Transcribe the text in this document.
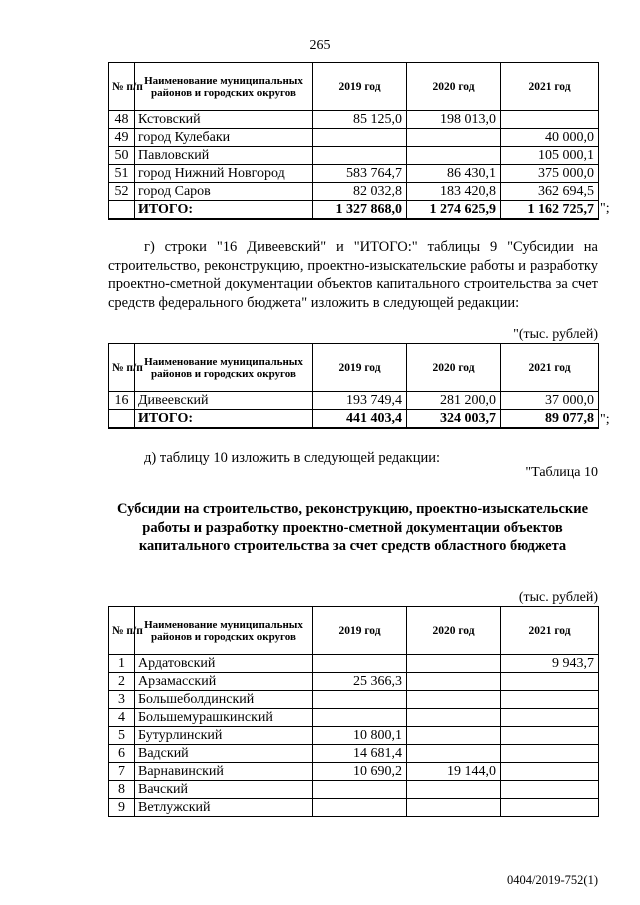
265
№ п/п	Наименование муниципальных районов и городских округов	2019 год	2020 год	2021 год
48	Кстовский	85 125,0	198 013,0	
49	город Кулебаки			40 000,0
50	Павловский			105 000,1
51	город Нижний Новгород	583 764,7	86 430,1	375 000,0
52	город Саров	82 032,8	183 420,8	362 694,5
	ИТОГО:	1 327 868,0	1 274 625,9	1 162 725,7 ";
г) строки "16 Дивеевский" и "ИТОГО:" таблицы 9 "Субсидии на строительство, реконструкцию, проектно-изыскательские работы и разработку проектно-сметной документации объектов капитального строительства за счет средств федерального бюджета" изложить в следующей редакции:
"(тыс. рублей)
№ п/п	Наименование муниципальных районов и городских округов	2019 год	2020 год	2021 год
16	Дивеевский	193 749,4	281 200,0	37 000,0
	ИТОГО:	441 403,4	324 003,7	89 077,8 ";
д) таблицу 10 изложить в следующей редакции:
"Таблица 10
Субсидии на строительство, реконструкцию, проектно-изыскательские работы и разработку проектно-сметной документации объектов капитального строительства за счет средств областного бюджета
(тыс. рублей)
№ п/п	Наименование муниципальных районов и городских округов	2019 год	2020 год	2021 год
1	Ардатовский			9 943,7
2	Арзамасский	25 366,3		
3	Большеболдинский			
4	Большемурашкинский			
5	Бутурлинский	10 800,1		
6	Вадский	14 681,4		
7	Варнавинский	10 690,2	19 144,0	
8	Вачский			
9	Ветлужский			
0404/2019-752(1)
